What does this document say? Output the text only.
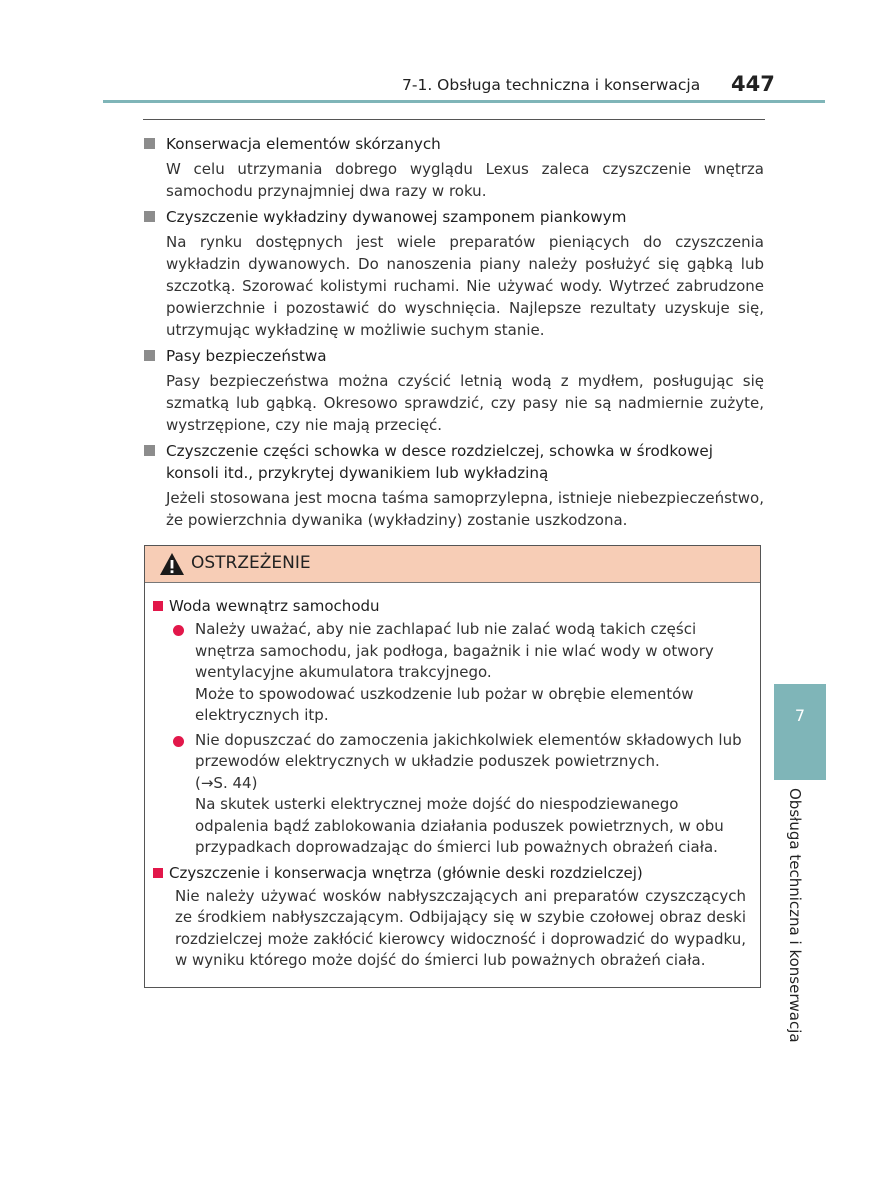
7-1. Obsługa techniczna i konserwacja 447
Konserwacja elementów skórzanych
W celu utrzymania dobrego wyglądu Lexus zaleca czyszczenie wnętrza samochodu przynajmniej dwa razy w roku.
Czyszczenie wykładziny dywanowej szamponem piankowym
Na rynku dostępnych jest wiele preparatów pieniących do czyszczenia wykładzin dywanowych. Do nanoszenia piany należy posłużyć się gąbką lub szczotką. Szorować kolistymi ruchami. Nie używać wody. Wytrzeć zabrudzone powierzchnie i pozostawić do wyschnięcia. Najlepsze rezultaty uzyskuje się, utrzymując wykładzinę w możliwie suchym stanie.
Pasy bezpieczeństwa
Pasy bezpieczeństwa można czyścić letnią wodą z mydłem, posługując się szmatką lub gąbką. Okresowo sprawdzić, czy pasy nie są nadmiernie zużyte, wystrzępione, czy nie mają przecięć.
Czyszczenie części schowka w desce rozdzielczej, schowka w środkowej konsoli itd., przykrytej dywanikiem lub wykładziną
Jeżeli stosowana jest mocna taśma samoprzylepna, istnieje niebezpieczeństwo, że powierzchnia dywanika (wykładziny) zostanie uszkodzona.
OSTRZEŻENIE
Woda wewnątrz samochodu

Należy uważać, aby nie zachlapać lub nie zalać wodą takich części wnętrza samochodu, jak podłoga, bagażnik i nie wlać wody w otwory wentylacyjne akumulatora trakcyjnego.

Może to spowodować uszkodzenie lub pożar w obrębie elementów elektrycznych itp.

Nie dopuszczać do zamoczenia jakichkolwiek elementów składowych lub przewodów elektrycznych w układzie poduszek powietrznych.

(→S. 44)

Na skutek usterki elektrycznej może dojść do niespodziewanego odpalenia bądź zablokowania działania poduszek powietrznych, w obu przypadkach doprowadzając do śmierci lub poważnych obrażeń ciała.

Czyszczenie i konserwacja wnętrza (głównie deski rozdzielczej)
Nie należy używać wosków nabłyszczających ani preparatów czyszczących ze środkiem nabłyszczającym. Odbijający się w szybie czołowej obraz deski rozdzielczej może zakłócić kierowcy widoczność i doprowadzić do wypadku, w wyniku którego może dojść do śmierci lub poważnych obrażeń ciała.
7
Obsługa techniczna i konserwacja
